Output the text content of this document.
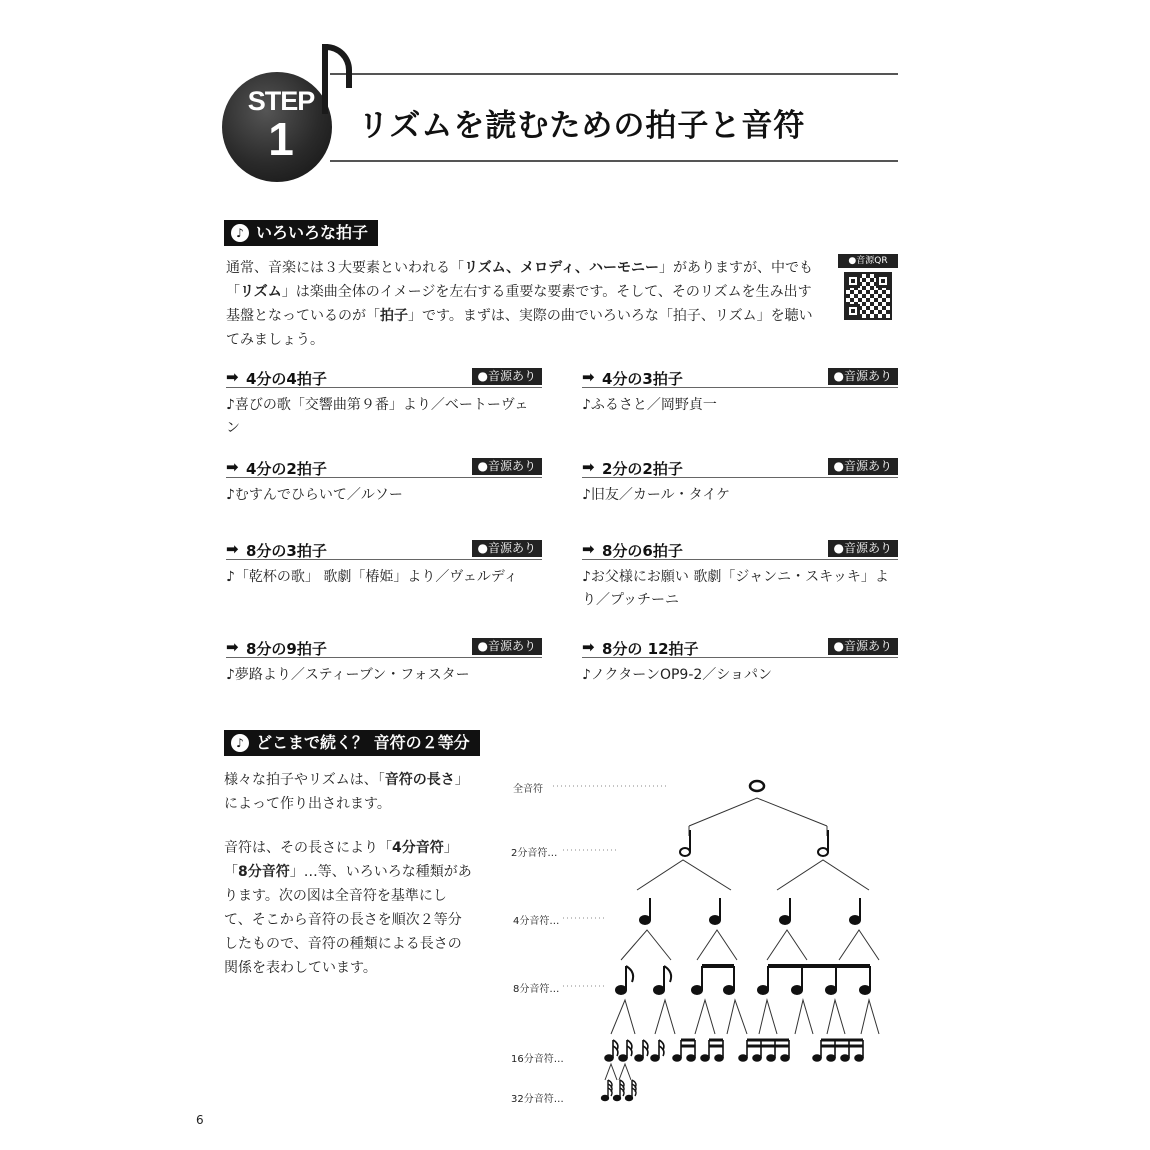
STEP
1	リズムを読むための拍子と音符
♪ いろいろな拍子
通常、音楽には３大要素といわれる「リズム、メロディ、ハーモニー」がありますが、中でも「リズム」は楽曲全体のイメージを左右する重要な要素です。そして、そのリズムを生み出す基盤となっているのが「拍子」です。まずは、実際の曲でいろいろな「拍子、リズム」を聴いてみましょう。
●音源QR
➡ 4分の4拍子	●音源あり
♪喜びの歌「交響曲第９番」より／ベートーヴェン
➡ 4分の3拍子	●音源あり
♪ふるさと／岡野貞一
➡ 4分の2拍子	●音源あり
♪むすんでひらいて／ルソー
➡ 2分の2拍子	●音源あり
♪旧友／カール・タイケ
➡ 8分の3拍子	●音源あり
♪「乾杯の歌」 歌劇「椿姫」より／ヴェルディ
➡ 8分の6拍子	●音源あり
♪お父様にお願い 歌劇「ジャンニ・スキッキ」より／プッチーニ
➡ 8分の9拍子	●音源あり
♪夢路より／スティーブン・フォスター
➡ 8分の 12拍子	●音源あり
♪ノクターンOP9-2／ショパン
♪ どこまで続く？ 音符の２等分
様々な拍子やリズムは、「音符の長さ」によって作り出されます。
音符は、その長さにより「4分音符」「8分音符」…等、いろいろな種類があります。次の図は全音符を基準にして、そこから音符の長さを順次２等分したもので、音符の種類による長さの関係を表わしています。
全音符
2分音符…
4分音符…
8分音符…
16分音符…
32分音符…
6
